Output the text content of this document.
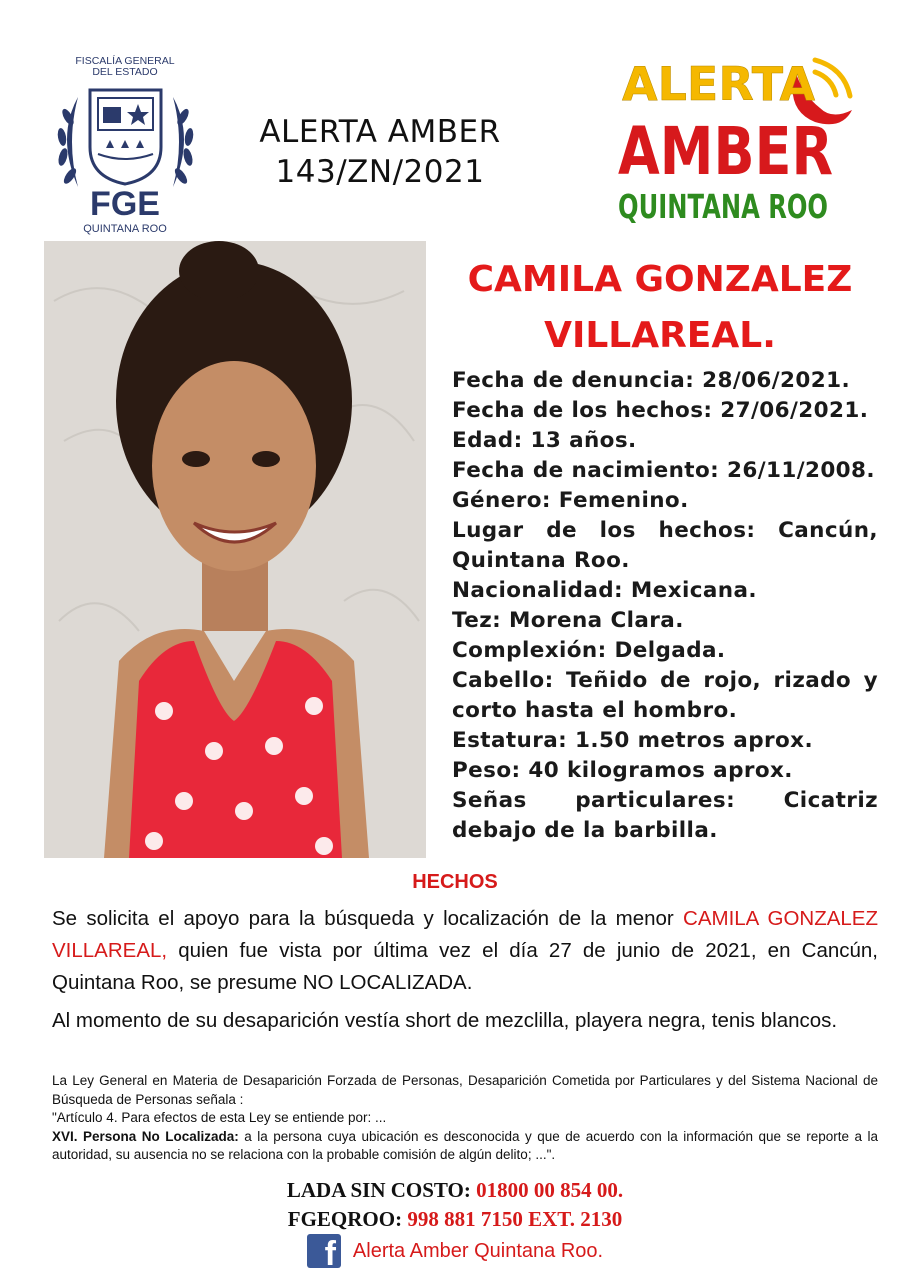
FISCALÍA GENERAL
DEL ESTADO
FGE
QUINTANA ROO
ALERTA AMBER
143/ZN/2021
ALERTA
AMBER
QUINTANA ROO
CAMILA GONZALEZ
VILLAREAL.
Fecha de denuncia: 28/06/2021.
Fecha de los hechos: 27/06/2021.
Edad: 13 años.
Fecha de nacimiento: 26/11/2008.
Género: Femenino.
Lugar de los hechos: Cancún, Quintana Roo.
Nacionalidad: Mexicana.
Tez: Morena Clara.
Complexión: Delgada.
Cabello: Teñido de rojo, rizado y corto hasta el hombro.
Estatura: 1.50 metros aprox.
Peso: 40 kilogramos aprox.
Señas particulares: Cicatriz debajo de la barbilla.
HECHOS

Se solicita el apoyo para la búsqueda y localización de la menor CAMILA GONZALEZ VILLAREAL, quien fue vista por última vez el día 27 de junio de 2021, en Cancún, Quintana Roo, se presume NO LOCALIZADA.

Al momento de su desaparición vestía short de mezclilla, playera negra, tenis blancos.

La Ley General en Materia de Desaparición Forzada de Personas, Desaparición Cometida por Particulares y del Sistema Nacional de Búsqueda de Personas señala :

"Artículo 4. Para efectos de esta Ley se entiende por: ...

XVI. Persona No Localizada: a la persona cuya ubicación es desconocida y que de acuerdo con la información que se reporte a la autoridad, su ausencia no se relaciona con la probable comisión de algún delito; ...".

LADA SIN COSTO: 01800 00 854 00.
FGEQROO: 998 881 7150 EXT. 2130
f Alerta Amber Quintana Roo.
